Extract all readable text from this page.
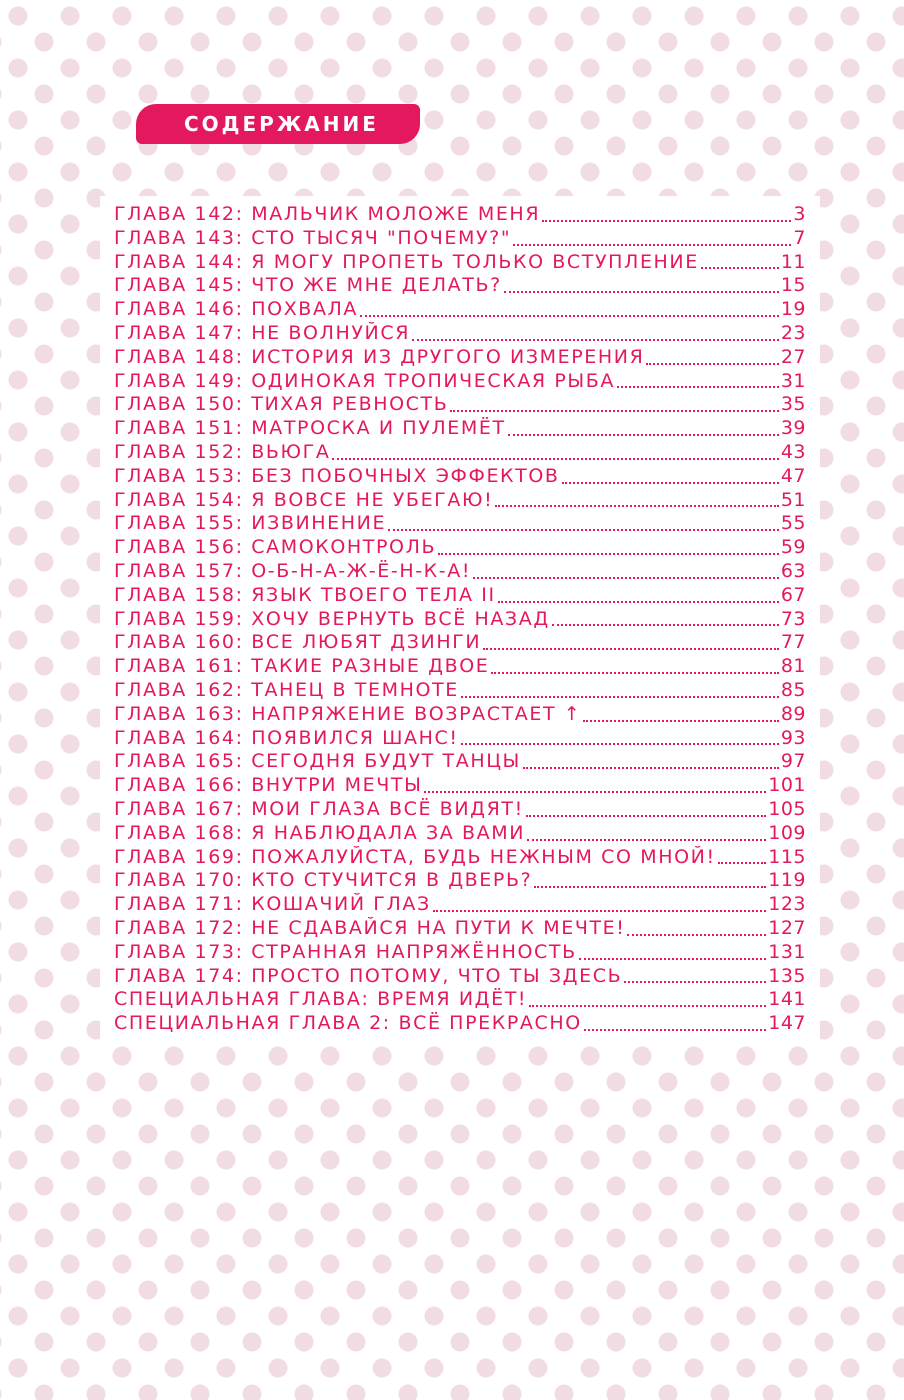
СОДЕРЖАНИЕ
ГЛАВА 142: МАЛЬЧИК МОЛОЖЕ МЕНЯ	3
ГЛАВА 143: СТО ТЫСЯЧ "ПОЧЕМУ?"	7
ГЛАВА 144: Я МОГУ ПРОПЕТЬ ТОЛЬКО ВСТУПЛЕНИЕ	11
ГЛАВА 145: ЧТО ЖЕ МНЕ ДЕЛАТЬ?	15
ГЛАВА 146: ПОХВАЛА	19
ГЛАВА 147: НЕ ВОЛНУЙСЯ	23
ГЛАВА 148: ИСТОРИЯ ИЗ ДРУГОГО ИЗМЕРЕНИЯ	27
ГЛАВА 149: ОДИНОКАЯ ТРОПИЧЕСКАЯ РЫБА	31
ГЛАВА 150: ТИХАЯ РЕВНОСТЬ	35
ГЛАВА 151: МАТРОСКА И ПУЛЕМЁТ	39
ГЛАВА 152: ВЬЮГА	43
ГЛАВА 153: БЕЗ ПОБОЧНЫХ ЭФФЕКТОВ	47
ГЛАВА 154: Я ВОВСЕ НЕ УБЕГАЮ!	51
ГЛАВА 155: ИЗВИНЕНИЕ	55
ГЛАВА 156: САМОКОНТРОЛЬ	59
ГЛАВА 157: О-Б-Н-А-Ж-Ё-Н-К-А!	63
ГЛАВА 158: ЯЗЫК ТВОЕГО ТЕЛА II	67
ГЛАВА 159: ХОЧУ ВЕРНУТЬ ВСЁ НАЗАД	73
ГЛАВА 160: ВСЕ ЛЮБЯТ ДЗИНГИ	77
ГЛАВА 161: ТАКИЕ РАЗНЫЕ ДВОЕ	81
ГЛАВА 162: ТАНЕЦ В ТЕМНОТЕ	85
ГЛАВА 163: НАПРЯЖЕНИЕ ВОЗРАСТАЕТ ↑	89
ГЛАВА 164: ПОЯВИЛСЯ ШАНС!	93
ГЛАВА 165: СЕГОДНЯ БУДУТ ТАНЦЫ	97
ГЛАВА 166: ВНУТРИ МЕЧТЫ	101
ГЛАВА 167: МОИ ГЛАЗА ВСЁ ВИДЯТ!	105
ГЛАВА 168: Я НАБЛЮДАЛА ЗА ВАМИ	109
ГЛАВА 169: ПОЖАЛУЙСТА, БУДЬ НЕЖНЫМ СО МНОЙ!	115
ГЛАВА 170: КТО СТУЧИТСЯ В ДВЕРЬ?	119
ГЛАВА 171: КОШАЧИЙ ГЛАЗ	123
ГЛАВА 172: НЕ СДАВАЙСЯ НА ПУТИ К МЕЧТЕ!	127
ГЛАВА 173: СТРАННАЯ НАПРЯЖЁННОСТЬ	131
ГЛАВА 174: ПРОСТО ПОТОМУ, ЧТО ТЫ ЗДЕСЬ	135
СПЕЦИАЛЬНАЯ ГЛАВА: ВРЕМЯ ИДЁТ!	141
СПЕЦИАЛЬНАЯ ГЛАВА 2: ВСЁ ПРЕКРАСНО	147
